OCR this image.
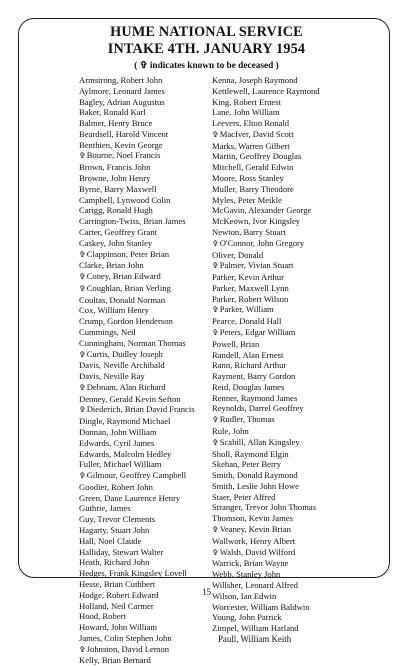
HUME NATIONAL SERVICE
INTAKE 4TH. JANUARY 1954
( ✞ indicates known to be deceased )
Armstrong, Robert John
Aylmore, Leonard James
Bagley, Adrian Augustus
Baker, Ronald Karl
Balmer, Henry Bruce
Beardsell, Harold Vincent
Benthien, Kevin George
✞Bourne, Noel Francis
Brown, Francis John
Browne, John Henry
Byrne, Barry Maxwell
Campbell, Lynwood Colin
Carigg, Ronald Hugh
Carrington-Twiss, Brian James
Carter, Geoffrey Grant
Caskey, John Stanley
✞Clappinson, Peter Brian
Clarke, Brian John
✞Coney, Brian Edward
✞Coughlan, Brian Verling
Coultas, Donald Norman
Cox, William Henry
Crump, Gordon Henderson
Cummings, Neil
Cunningham, Norman Thomas
✞Curtis, Dudley Joseph
Davis, Neville Archibald
Davis, Neville Ray
✞Debnam, Alan Richard
Denney, Gerald Kevin Sefton
✞Diederich, Brian David Francis
Dingle, Raymond Michael
Donnan, John William
Edwards, Cyril James
Edwards, Malcolm Hedley
Fuller, Michael William
✞Gilmour, Geoffrey Campbell
Goodier, Robert John
Green, Dane Laurence Henry
Guthrie, James
Guy, Trevor Clements
Hagarty, Stuart John
Hall, Noel Claude
Halliday, Stewart Walter
Heath, Richard John
Hedges, Frank Kingsley Lovell
Hesse, Brian Cuthbert
Hodge, Robert Edward
Holland, Neil Carmer
Hood, Robert
Howard, John William
James, Colin Stephen John
✞Johnston, David Lemon
Kelly, Brian Bernard
Kenna, Joseph Raymond
Kettlewell, Laurence Raymond
King, Robert Ernest
Lane, John William
Leevers, Elton Ronald
✞MacIver, David Scott
Marks, Warren Gilbert
Martin, Geoffrey Douglas
Mitchell, Gerald Edwin
Moore, Ross Stanley
Muller, Barry Theodore
Myles, Peter Meikle
McGavin, Alexander George
McKeown, Ivor Kingsley
Newton, Barry Stuart
✞O'Connor, John Gregory
Oliver, Donald
✞Palmer, Vivian Stuart
Parker, Kevin Arthur
Parker, Maxwell Lynn
Parker, Robert Wilson
✞Parker, William
Pearce, Donald Hall
✞Peters, Edgar William
Powell, Brian
Randell, Alan Ernest
Rann, Richard Arthur
Rayment, Barry Gordon
Reid, Douglas James
Renner, Raymond James
Reynolds, Darrel Geoffrey
✞Rudler, Thomas
Rule, John
✞Scahill, Allan Kingsley
Sholl, Raymond Elgin
Skehan, Peter Berry
Smith, Donald Raymond
Smith, Leslie John Howe
Staer, Peter Alfred
Stranger, Trevor John Thomas
Thomson, Kevin James
✞Veaney, Kevin Brian
Wallwork, Henry Albert
✞Walsh, David Wilford
Warrick, Brian Wayne
Webb, Stanley John
Willsher, Leonard Alfred
Wilson, Ian Edwin
Worcester, William Baldwin
Young, John Patrick
Zimpel, William Harland
Paull, William Keith
15
